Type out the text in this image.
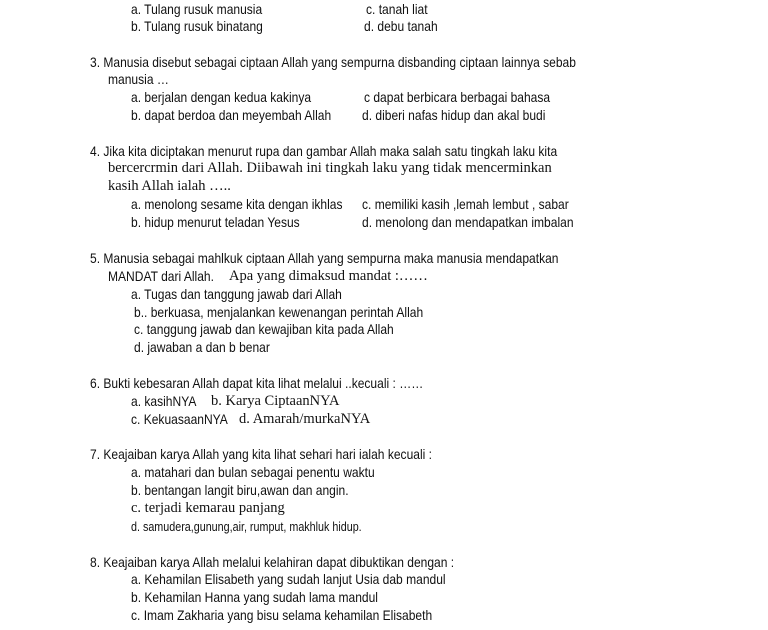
a. Tulang rusuk manusia	c. tanah liat
b. Tulang rusuk binatang	d. debu tanah
3. Manusia disebut sebagai ciptaan Allah yang sempurna disbanding ciptaan lainnya sebab
manusia …
a. berjalan dengan kedua kakinya	c dapat berbicara berbagai bahasa
b. dapat berdoa dan meyembah Allah d. diberi nafas hidup dan akal budi
4. Jika kita diciptakan menurut rupa dan gambar Allah maka salah satu tingkah laku kita
bercercrmin dari Allah. Diibawah ini tingkah laku yang tidak mencerminkan
kasih Allah ialah …..
a. menolong sesame kita dengan ikhlas c. memiliki kasih ,lemah lembut , sabar
b. hidup menurut teladan Yesus	d. menolong dan mendapatkan imbalan
5. Manusia sebagai mahlkuk ciptaan Allah yang sempurna maka manusia mendapatkan
MANDAT dari Allah. Apa yang dimaksud mandat :……
a. Tugas dan tanggung jawab dari Allah
b.. berkuasa, menjalankan kewenangan perintah Allah
c. tanggung jawab dan kewajiban kita pada Allah
d. jawaban a dan b benar
6. Bukti kebesaran Allah dapat kita lihat melalui ..kecuali : ……
a. kasihNYA b. Karya CiptaanNYA
c. KekuasaanNYA d. Amarah/murkaNYA
7. Keajaiban karya Allah yang kita lihat sehari hari ialah kecuali :
a. matahari dan bulan sebagai penentu waktu
b. bentangan langit biru,awan dan angin.
c. terjadi kemarau panjang
d. samudera,gunung,air, rumput, makhluk hidup.
8. Keajaiban karya Allah melalui kelahiran dapat dibuktikan dengan :
a. Kehamilan Elisabeth yang sudah lanjut Usia dab mandul
b. Kehamilan Hanna yang sudah lama mandul
c. Imam Zakharia yang bisu selama kehamilan Elisabeth
